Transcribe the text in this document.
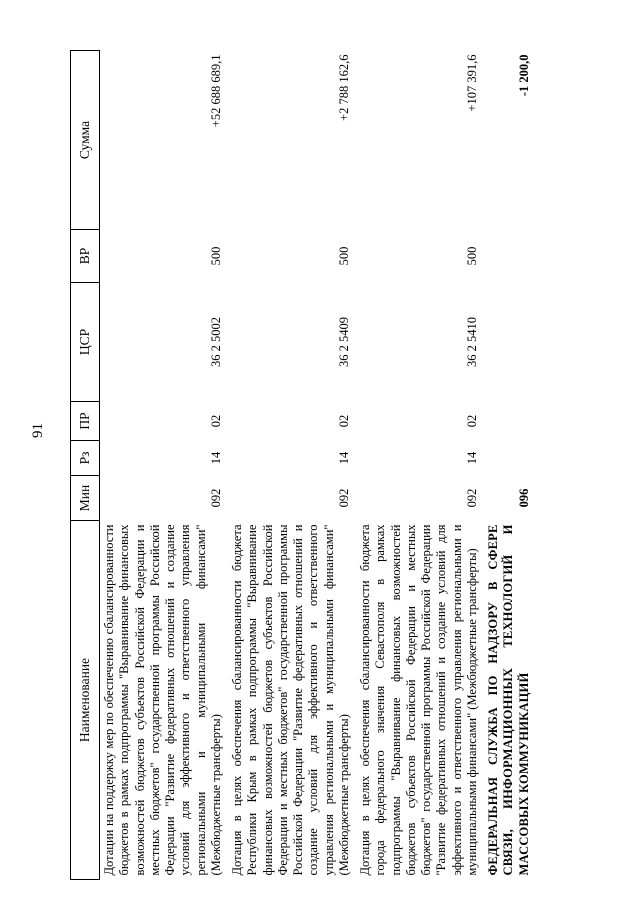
91
Наименование	Мин	Рз	ПР	ЦСР	ВР	Сумма
Дотации на поддержку мер по обеспечению сбалансированности бюджетов в рамках подпрограммы "Выравнивание финансовых возможностей бюджетов субъектов Российской Федерации и местных бюджетов" государственной программы Российской Федерации "Развитие федеративных отношений и создание условий для эффективного и ответственного управления региональными и муниципальными финансами" (Межбюджетные трансферты)	092	14	02	36 2 5002	500	+52 688 689,1
Дотация в целях обеспечения сбалансированности бюджета Республики Крым в рамках подпрограммы "Выравнивание финансовых возможностей бюджетов субъектов Российской Федерации и местных бюджетов" государственной программы Российской Федерации "Развитие федеративных отношений и создание условий для эффективного и ответственного управления региональными и муниципальными финансами" (Межбюджетные трансферты)	092	14	02	36 2 5409	500	+2 788 162,6
Дотация в целях обеспечения сбалансированности бюджета города федерального значения Севастополя в рамках подпрограммы "Выравнивание финансовых возможностей бюджетов субъектов Российской Федерации и местных бюджетов" государственной программы Российской Федерации "Развитие федеративных отношений и создание условий для эффективного и ответственного управления региональными и муниципальными финансами" (Межбюджетные трансферты)	092	14	02	36 2 5410	500	+107 391,6
ФЕДЕРАЛЬНАЯ СЛУЖБА ПО НАДЗОРУ В СФЕРЕ СВЯЗИ, ИНФОРМАЦИОННЫХ ТЕХНОЛОГИЙ И МАССОВЫХ КОММУНИКАЦИЙ	096					-1 200,0
